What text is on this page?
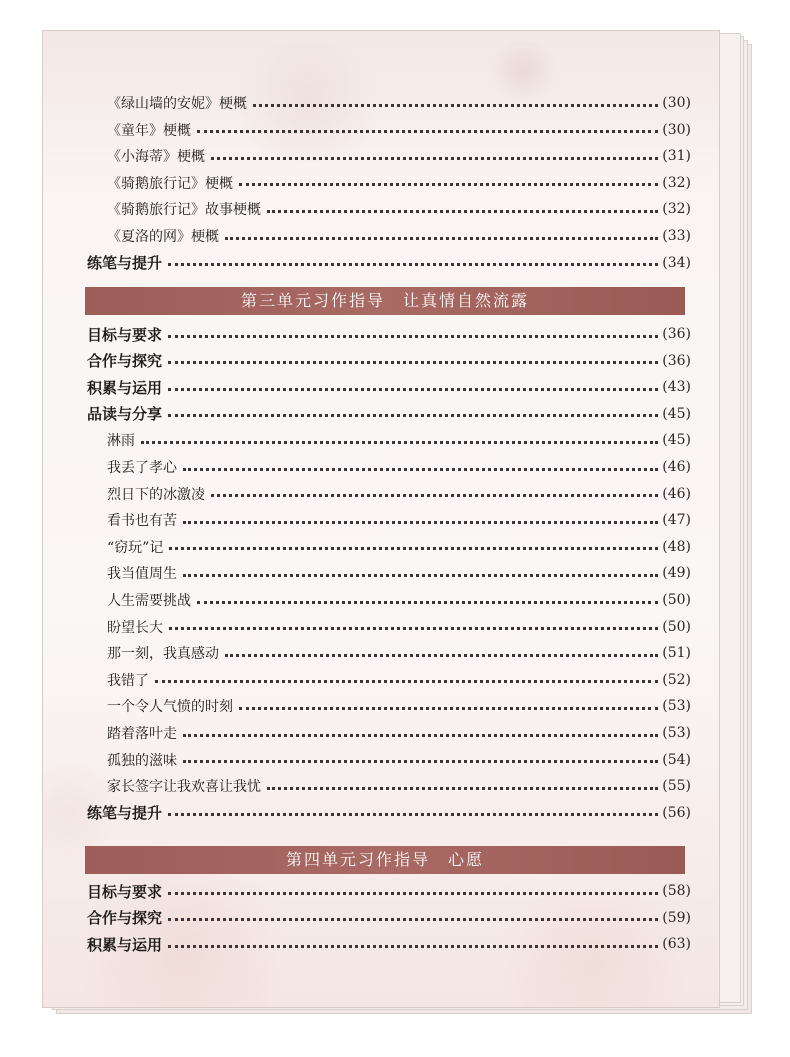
《绿山墙的安妮》梗概	(30)
《童年》梗概	(30)
《小海蒂》梗概	(31)
《骑鹅旅行记》梗概	(32)
《骑鹅旅行记》故事梗概	(32)
《夏洛的网》梗概	(33)
练笔与提升	(34)
第三单元习作指导　让真情自然流露
目标与要求	(36)
合作与探究	(36)
积累与运用	(43)
品读与分享	(45)
淋雨	(45)
我丢了孝心	(46)
烈日下的冰激凌	(46)
看书也有苦	(47)
“窃玩”记	(48)
我当值周生	(49)
人生需要挑战	(50)
盼望长大	(50)
那一刻，我真感动	(51)
我错了	(52)
一个令人气愤的时刻	(53)
踏着落叶走	(53)
孤独的滋味	(54)
家长签字让我欢喜让我忧	(55)
练笔与提升	(56)
第四单元习作指导　心愿
目标与要求	(58)
合作与探究	(59)
积累与运用	(63)
